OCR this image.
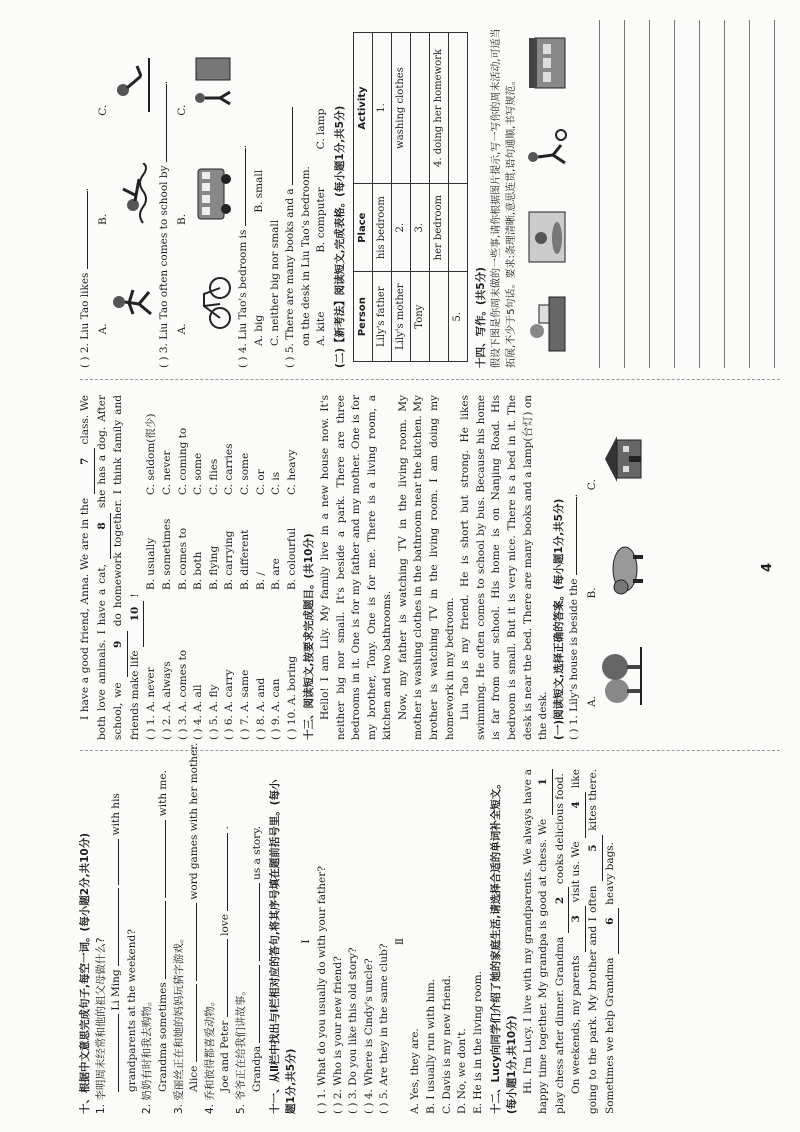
十、根据中文意思完成句子,每空一词。(每小题2分,共10分) 1. 李明周末经常和他的祖父母做什么? Li Ming   with his
grandparents at the weekend? 2. 奶奶有时和我去购物。 Grandma sometimes   with me.
3. 爱丽丝正在和她的妈妈玩猜字游戏。 Alice   word games with her mother.
4. 乔和彼得都喜爱动物。 Joe and Peter  love  .
5. 爷爷正在给我们讲故事。 Grandpa   us a story. 十一、从Ⅱ栏中找出与Ⅰ栏相对应的答句,将其序号填在题前括号里。(每小题1分,共5分)
Ⅰ ( ) 1. What do you usually do with your father? ( ) 2. Who is your new friend? ( ) 3. Do you like this old story? ( ) 4. Where is Cindy's uncle? ( ) 5. Are they in the same club?
Ⅱ
A. Yes, they are. B. I usually run with him. C. Davis is my new friend. D. No, we don't. E. He is in the living room. 十二、Lucy向同学们介绍了她的家庭生活,请选择合适的单词补全短文。(每小题1分,共10分) Hi. I'm Lucy. I live with my grandparents. We always have a happy time together. My grandpa is good at chess. We 1 play chess after dinner. Grandma 2 cooks delicious food.
On weekends, my parents 3 visit us. We 4 like going to the park. My brother and I often 5 kites there. Sometimes we help Grandma 6 heavy bags.
I have a good friend, Anna. We are in the 7 class. We both love animals. I have a cat, 8 she has a dog. After school, we 9 do homework together. I think family and friends make life 10 !
( ) 1. A. never
B. usually
C. seldom(很少)
( ) 2. A. always
B. sometimes
C. never
( ) 3. A. comes to
B. comes to
C. coming to
( ) 4. A. all
B. both
C. some
( ) 5. A. fly
B. flying
C. flies
( ) 6. A. carry
B. carrying
C. carries
( ) 7. A. same
B. different
C. some
( ) 8. A. and
B. /
C. or
( ) 9. A. can
B. are
C. is
( ) 10. A. boring
B. colourful
C. heavy
十三、阅读短文,按要求完成题目。(共10分) Hello! I am Lily. My family live in a new house now. It's neither big nor small. It's beside a park. There are three bedrooms in it. One is for my father and my mother. One is for my brother, Tony. One is for me. There is a living room, a kitchen and two bathrooms. Now, my father is watching TV in the living room. My mother is washing clothes in the bathroom near the kitchen. My brother is watching TV in the living room. I am doing my homework in my bedroom. Liu Tao is my friend. He is short but strong. He likes swimming. He often comes to school by bus. Because his home is far from our school. His home is on Nanjing Road. His bedroom is small. But it is very nice. There is a bed in it. The desk is near the bed. There are many books and a lamp(台灯) on the desk. (一)阅读短文,选择正确的答案。(每小题1分,共5分) ( ) 1. Lily's house is beside the .
A.
B.
C.
4
( ) 2. Liu Tao likes .
A.
B.
C.
( ) 3. Liu Tao often comes to school by .
A.
B.
C.
( ) 4. Liu Tao's bedroom is .
A. big B. small
C. neither big nor small ( ) 5. There are many books and a on the desk in Liu Tao's bedroom. A. kite B. computer C. lamp (二)【新考法】阅读短文,完成表格。(每小题1分,共5分) Person	Place	Activity
Lily's father	his bedroom	1.
Lily's mother	2.	washing clothes
Tony	3.	
	her bedroom	4. doing her homework
5.		十四、写作。(共5分) 假设下图是你周末做的一些事,请你根据图片提示,写一写你的周末活动,可适当拓展,不少于5句话。要求:条理清晰,意思连贯,语句通顺,书写规范。
